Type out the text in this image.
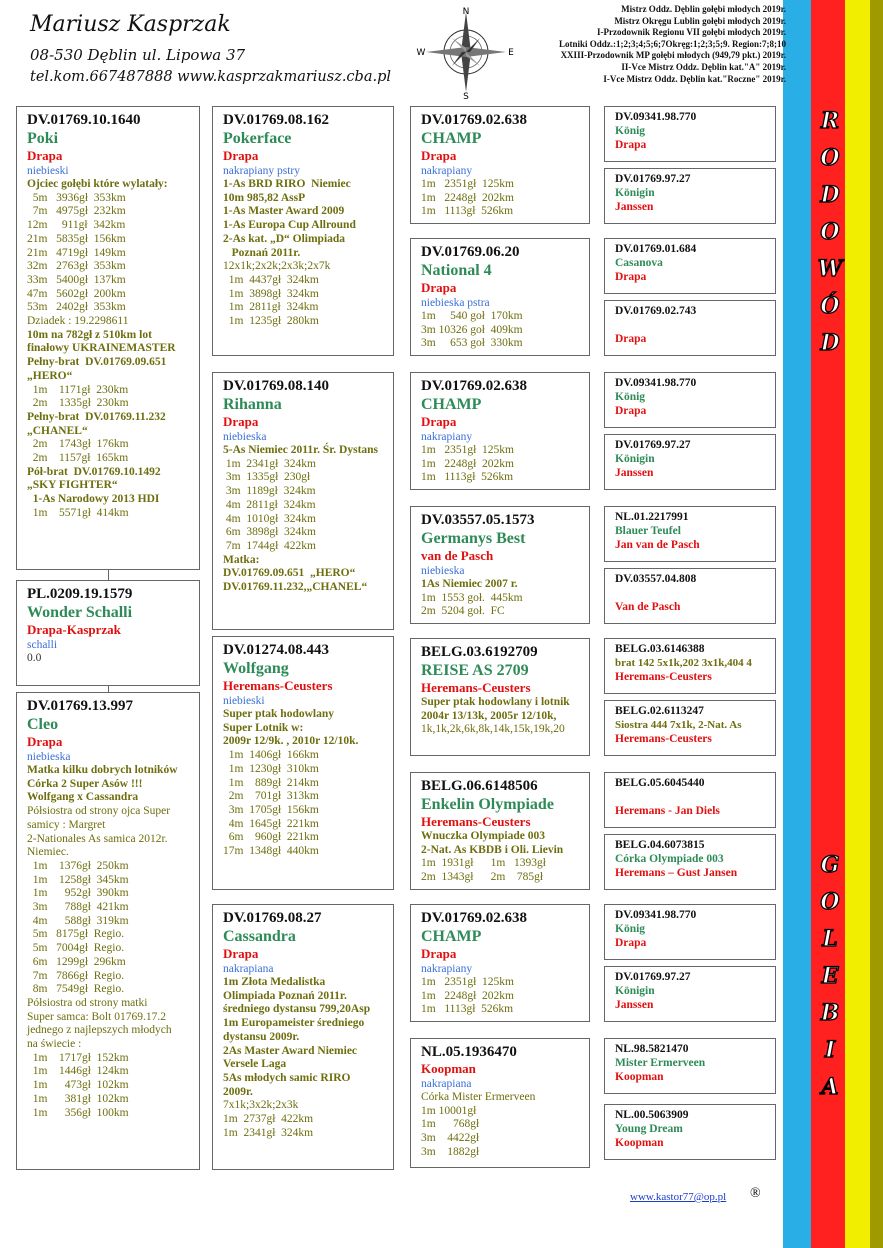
R
O
D
O
W
Ó
D
G
O
L
E
B
I
A
Mariusz Kasprzak
08-530 Dęblin ul. Lipowa 37
tel.kom.667487888 www.kasprzakmariusz.cba.pl
N
E
S
W
Mistrz Oddz. Dęblin gołębi młodych 2019r.
Mistrz Okręgu Lublin gołębi młodych 2019r.
I-Przodownik Regionu VII gołębi młodych 2019r.
Lotniki Oddz.:1;2;3;4;5;6;7Okręg:1;2;3;5;9. Region:7;8;10
XXIII-Przodownik MP gołębi młodych (949,79 pkt.) 2019r.
II-Vce Mistrz Oddz. Dęblin kat."A" 2019r.
I-Vce Mistrz Oddz. Dęblin kat."Roczne" 2019r.
DV.01769.10.1640
Poki
Drapa
niebieski
Ojciec gołębi które wylatały:
5m   3936gł  353km
7m   4975gł  232km
12m     911gł  342km
21m   5835gł  156km
21m   4719gł  149km
32m   2763gł  353km
33m   5400gł  137km
47m   5602gł  200km
53m   2402gł  353km
Dziadek : 19.2298611
10m na 782gł z 510km lot
finałowy UKRAINEMASTER
Pełny-brat  DV.01769.09.651
„HERO“
1m    1171gł  230km
2m    1335gł  230km
Pełny-brat  DV.01769.11.232
„CHANEL“
2m    1743gł  176km
2m    1157gł  165km
Pół-brat  DV.01769.10.1492
„SKY FIGHTER“
1-As Narodowy 2013 HDI
1m    5571gł  414km
PL.0209.19.1579
Wonder Schalli
Drapa-Kasprzak
schalli
0.0
DV.01769.13.997
Cleo
Drapa
niebieska
Matka kilku dobrych lotników
Córka 2 Super Asów !!!
Wolfgang x Cassandra
Półsiostra od strony ojca Super
samicy : Margret
2-Nationales As samica 2012r.
Niemiec.
1m    1376gł  250km
1m    1258gł  345km
1m      952gł  390km
3m      788gł  421km
4m      588gł  319km
5m   8175gł  Regio.
5m   7004gł  Regio.
6m   1299gł  296km
7m   7866gł  Regio.
8m   7549gł  Regio.
Półsiostra od strony matki
Super samca: Bolt 01769.17.2
jednego z najlepszych młodych
na świecie :
1m    1717gł  152km
1m    1446gł  124km
1m      473gł  102km
1m      381gł  102km
1m      356gł  100km
DV.01769.08.162
Pokerface
Drapa
nakrapiany pstry
1-As BRD RIRO  Niemiec
10m 985,82 AssP
1-As Master Award 2009
1-As Europa Cup Allround
2-As kat. „D“ Olimpiada
Poznań 2011r.
12x1k;2x2k;2x3k;2x7k
1m  4437gł  324km
1m  3898gł  324km
1m  2811gł  324km
1m  1235gł  280km
DV.01769.08.140
Rihanna
Drapa
niebieska
5-As Niemiec 2011r. Śr. Dystans
1m  2341gł  324km
3m  1335gł  230gł
3m  1189gł  324km
4m  2811gł  324km
4m  1010gł  324km
6m  3898gł  324km
7m  1744gł  422km
Matka:
DV.01769.09.651  „HERO“
DV.01769.11.232,„CHANEL“
DV.01274.08.443
Wolfgang
Heremans-Ceusters
niebieski
Super ptak hodowlany
Super Lotnik w:
2009r 12/9k. , 2010r 12/10k.
1m  1406gł  166km
1m  1230gł  310km
1m    889gł  214km
2m    701gł  313km
3m  1705gł  156km
4m  1645gł  221km
6m    960gł  221km
17m  1348gł  440km
DV.01769.08.27
Cassandra
Drapa
nakrapiana
1m Złota Medalistka
Olimpiada Poznań 2011r.
średniego dystansu 799,20Asp
1m Europameister średniego
dystansu 2009r.
2As Master Award Niemiec
Versele Laga
5As młodych samic RIRO
2009r.
7x1k;3x2k;2x3k
1m  2737gł  422km
1m  2341gł  324km
DV.01769.02.638
CHAMP
Drapa
nakrapiany
1m   2351gł  125km
1m   2248gł  202km
1m   1113gł  526km
DV.01769.06.20
National 4
Drapa
niebieska pstra
1m     540 goł  170km
3m 10326 goł  409km
3m     653 goł  330km
DV.01769.02.638
CHAMP
Drapa
nakrapiany
1m   2351gł  125km
1m   2248gł  202km
1m   1113gł  526km
DV.03557.05.1573
Germanys Best
van de Pasch
niebieska
1As Niemiec 2007 r.
1m  1553 goł.  445km
2m  5204 goł.  FC
BELG.03.6192709
REISE AS 2709
Heremans-Ceusters
Super ptak hodowlany i lotnik
2004r 13/13k, 2005r 12/10k,
1k,1k,2k,6k,8k,14k,15k,19k,20
BELG.06.6148506
Enkelin Olympiade
Heremans-Ceusters
Wnuczka Olympiade 003
2-Nat. As KBDB i Oli. Lievin
1m  1931gł      1m   1393gł
2m  1343gł      2m    785gł
DV.01769.02.638
CHAMP
Drapa
nakrapiany
1m   2351gł  125km
1m   2248gł  202km
1m   1113gł  526km
NL.05.1936470
Koopman
nakrapiana
Córka Mister Ermerveen
1m 10001gł
1m      768gł
3m    4422gł
3m    1882gł
DV.09341.98.770
König
Drapa
DV.01769.97.27
Königin
Janssen
DV.01769.01.684
Casanova
Drapa
DV.01769.02.743
Drapa
DV.09341.98.770
König
Drapa
DV.01769.97.27
Königin
Janssen
NL.01.2217991
Blauer Teufel
Jan van de Pasch
DV.03557.04.808
Van de Pasch
BELG.03.6146388
brat 142 5x1k,202 3x1k,404 4
Heremans-Ceusters
BELG.02.6113247
Siostra 444 7x1k, 2-Nat. As
Heremans-Ceusters
BELG.05.6045440
Heremans - Jan Diels
BELG.04.6073815
Córka Olympiade 003
Heremans – Gust Jansen
DV.09341.98.770
König
Drapa
DV.01769.97.27
Königin
Janssen
NL.98.5821470
Mister Ermerveen
Koopman
NL.00.5063909
Young Dream
Koopman
www.kastor77@op.pl ®
